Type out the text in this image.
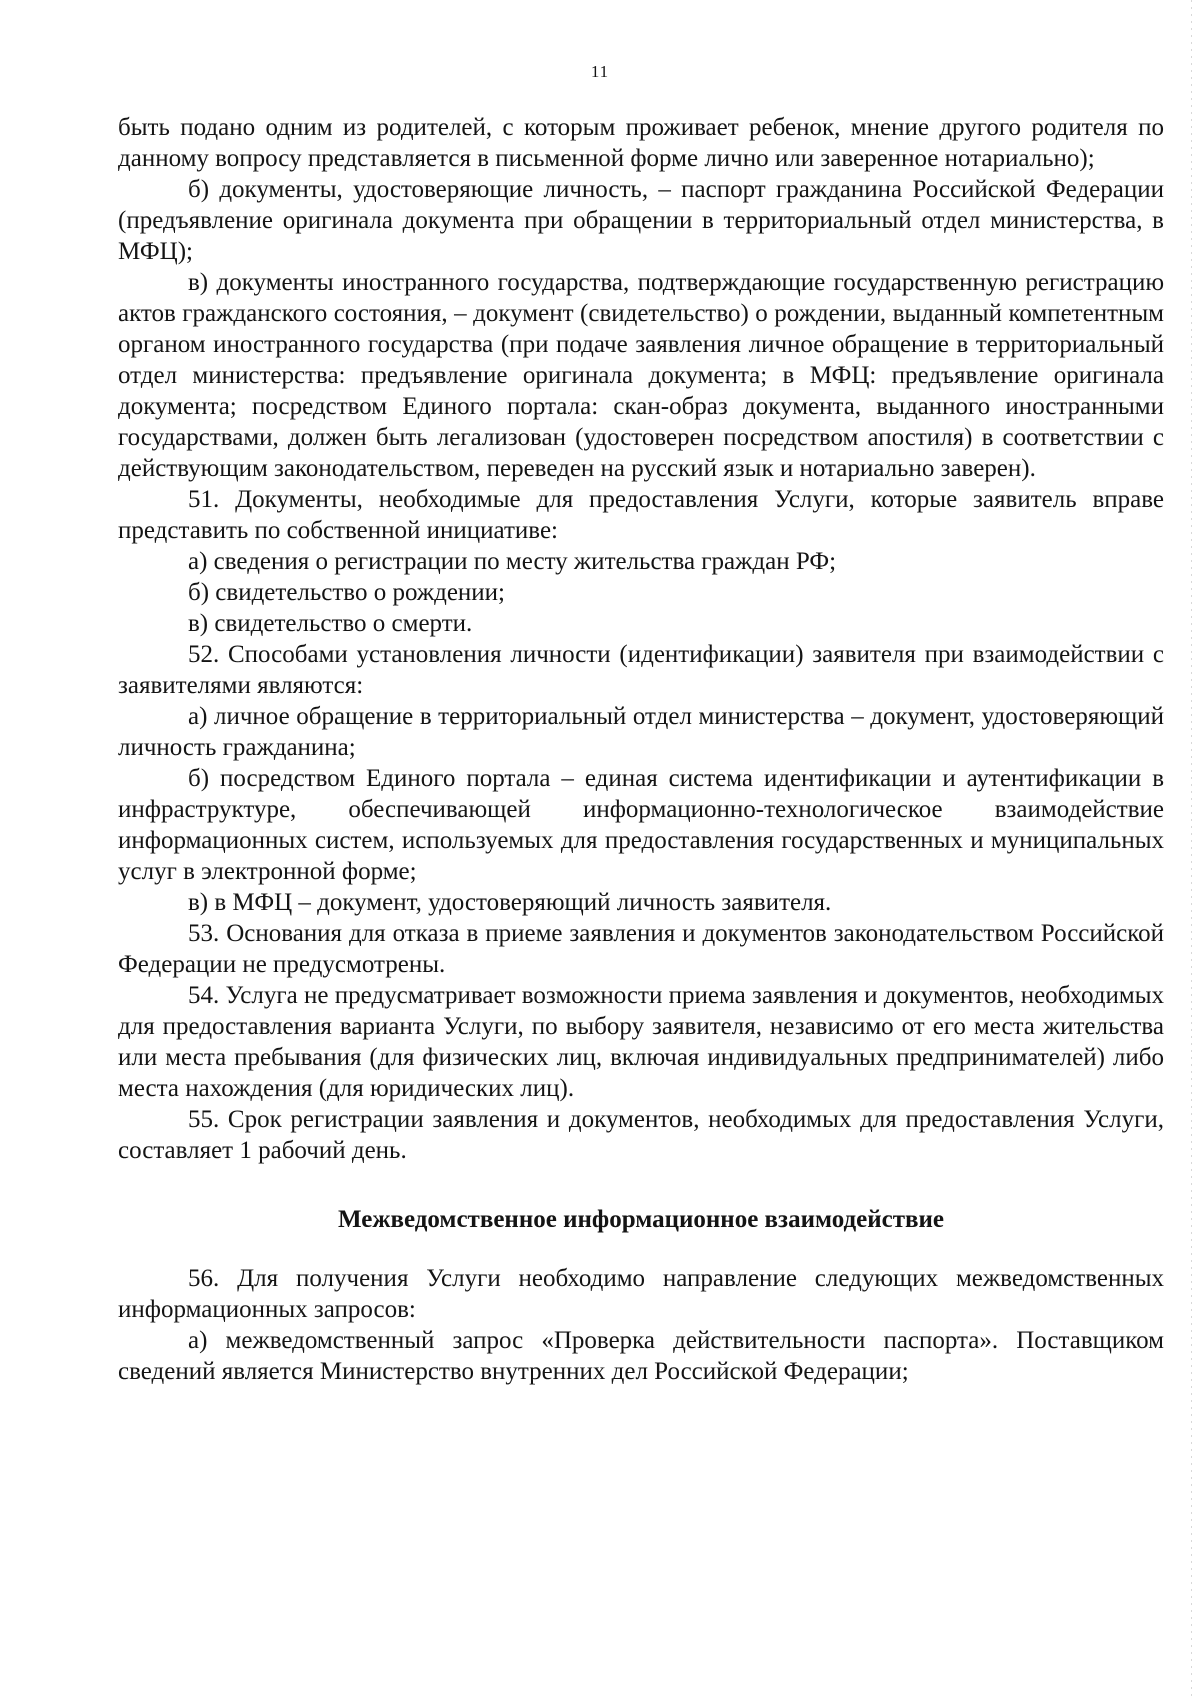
11

быть подано одним из родителей, с которым проживает ребенок, мнение другого родителя по данному вопросу представляется в письменной форме лично или заверенное нотариально);

б) документы, удостоверяющие личность, – паспорт гражданина Российской Федерации (предъявление оригинала документа при обращении в территориальный отдел министерства, в МФЦ);

в) документы иностранного государства, подтверждающие государственную регистрацию актов гражданского состояния, – документ (свидетельство) о рождении, выданный компетентным органом иностранного государства (при подаче заявления личное обращение в территориальный отдел министерства: предъявление оригинала документа; в МФЦ: предъявление оригинала документа; посредством Единого портала: скан-образ документа, выданного иностранными государствами, должен быть легализован (удостоверен посредством апостиля) в соответствии с действующим законодательством, переведен на русский язык и нотариально заверен).

51. Документы, необходимые для предоставления Услуги, которые заявитель вправе представить по собственной инициативе:

а) сведения о регистрации по месту жительства граждан РФ;

б) свидетельство о рождении;

в) свидетельство о смерти.

52. Способами установления личности (идентификации) заявителя при взаимодействии с заявителями являются:

а) личное обращение в территориальный отдел министерства – документ, удостоверяющий личность гражданина;

б) посредством Единого портала – единая система идентификации и аутентификации в инфраструктуре, обеспечивающей информационно-технологическое взаимодействие информационных систем, используемых для предоставления государственных и муниципальных услуг в электронной форме;

в) в МФЦ – документ, удостоверяющий личность заявителя.

53. Основания для отказа в приеме заявления и документов законодательством Российской Федерации не предусмотрены.

54. Услуга не предусматривает возможности приема заявления и документов, необходимых для предоставления варианта Услуги, по выбору заявителя, независимо от его места жительства или места пребывания (для физических лиц, включая индивидуальных предпринимателей) либо места нахождения (для юридических лиц).

55. Срок регистрации заявления и документов, необходимых для предоставления Услуги, составляет 1 рабочий день.

Межведомственное информационное взаимодействие

56. Для получения Услуги необходимо направление следующих межведомственных информационных запросов:

а) межведомственный запрос «Проверка действительности паспорта». Поставщиком сведений является Министерство внутренних дел Российской Федерации;
